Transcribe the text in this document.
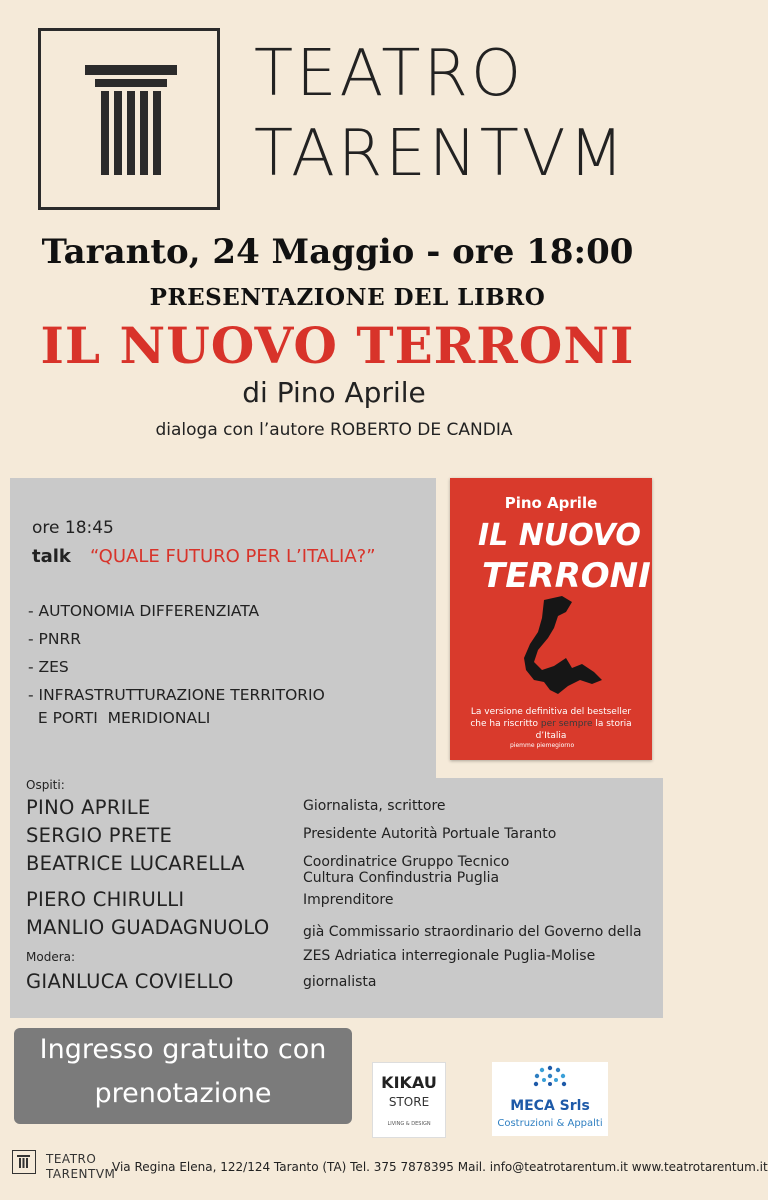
TEATRO
TARENTVM
Taranto, 24 Maggio - ore 18:00
PRESENTAZIONE DEL LIBRO
IL NUOVO TERRONI
di Pino Aprile
dialoga con l’autore ROBERTO DE CANDIA
ore 18:45
talk “QUALE FUTURO PER L’ITALIA?”
- AUTONOMIA DIFFERENZIATA
- PNRR
- ZES
- INFRASTRUTTURAZIONE TERRITORIO
E PORTI  MERIDIONALI
Pino Aprile
IL NUOVO
TERRONI
La versione definitiva del bestseller
che ha riscritto per sempre la storia d’Italia
piemme piemegiorno
Ospiti:
PINO APRILE	Giornalista, scrittore
SERGIO PRETE	Presidente Autorità Portuale Taranto
BEATRICE LUCARELLA	Coordinatrice Gruppo Tecnico
Cultura Confindustria Puglia
PIERO CHIRULLI	Imprenditore
MANLIO GUADAGNUOLO già Commissario straordinario del Governo della
ZES Adriatica interregionale Puglia-Molise
Modera:
GIANLUCA COVIELLO	giornalista
Ingresso gratuito con
prenotazione	KIKAU
STORE
LIVING & DESIGN
MECA Srls
Costruzioni & Appalti
TEATRO
TARENTVM
Via Regina Elena, 122/124 Taranto (TA) Tel. 375 7878395 Mail. info@teatrotarentum.it www.teatrotarentum.it
